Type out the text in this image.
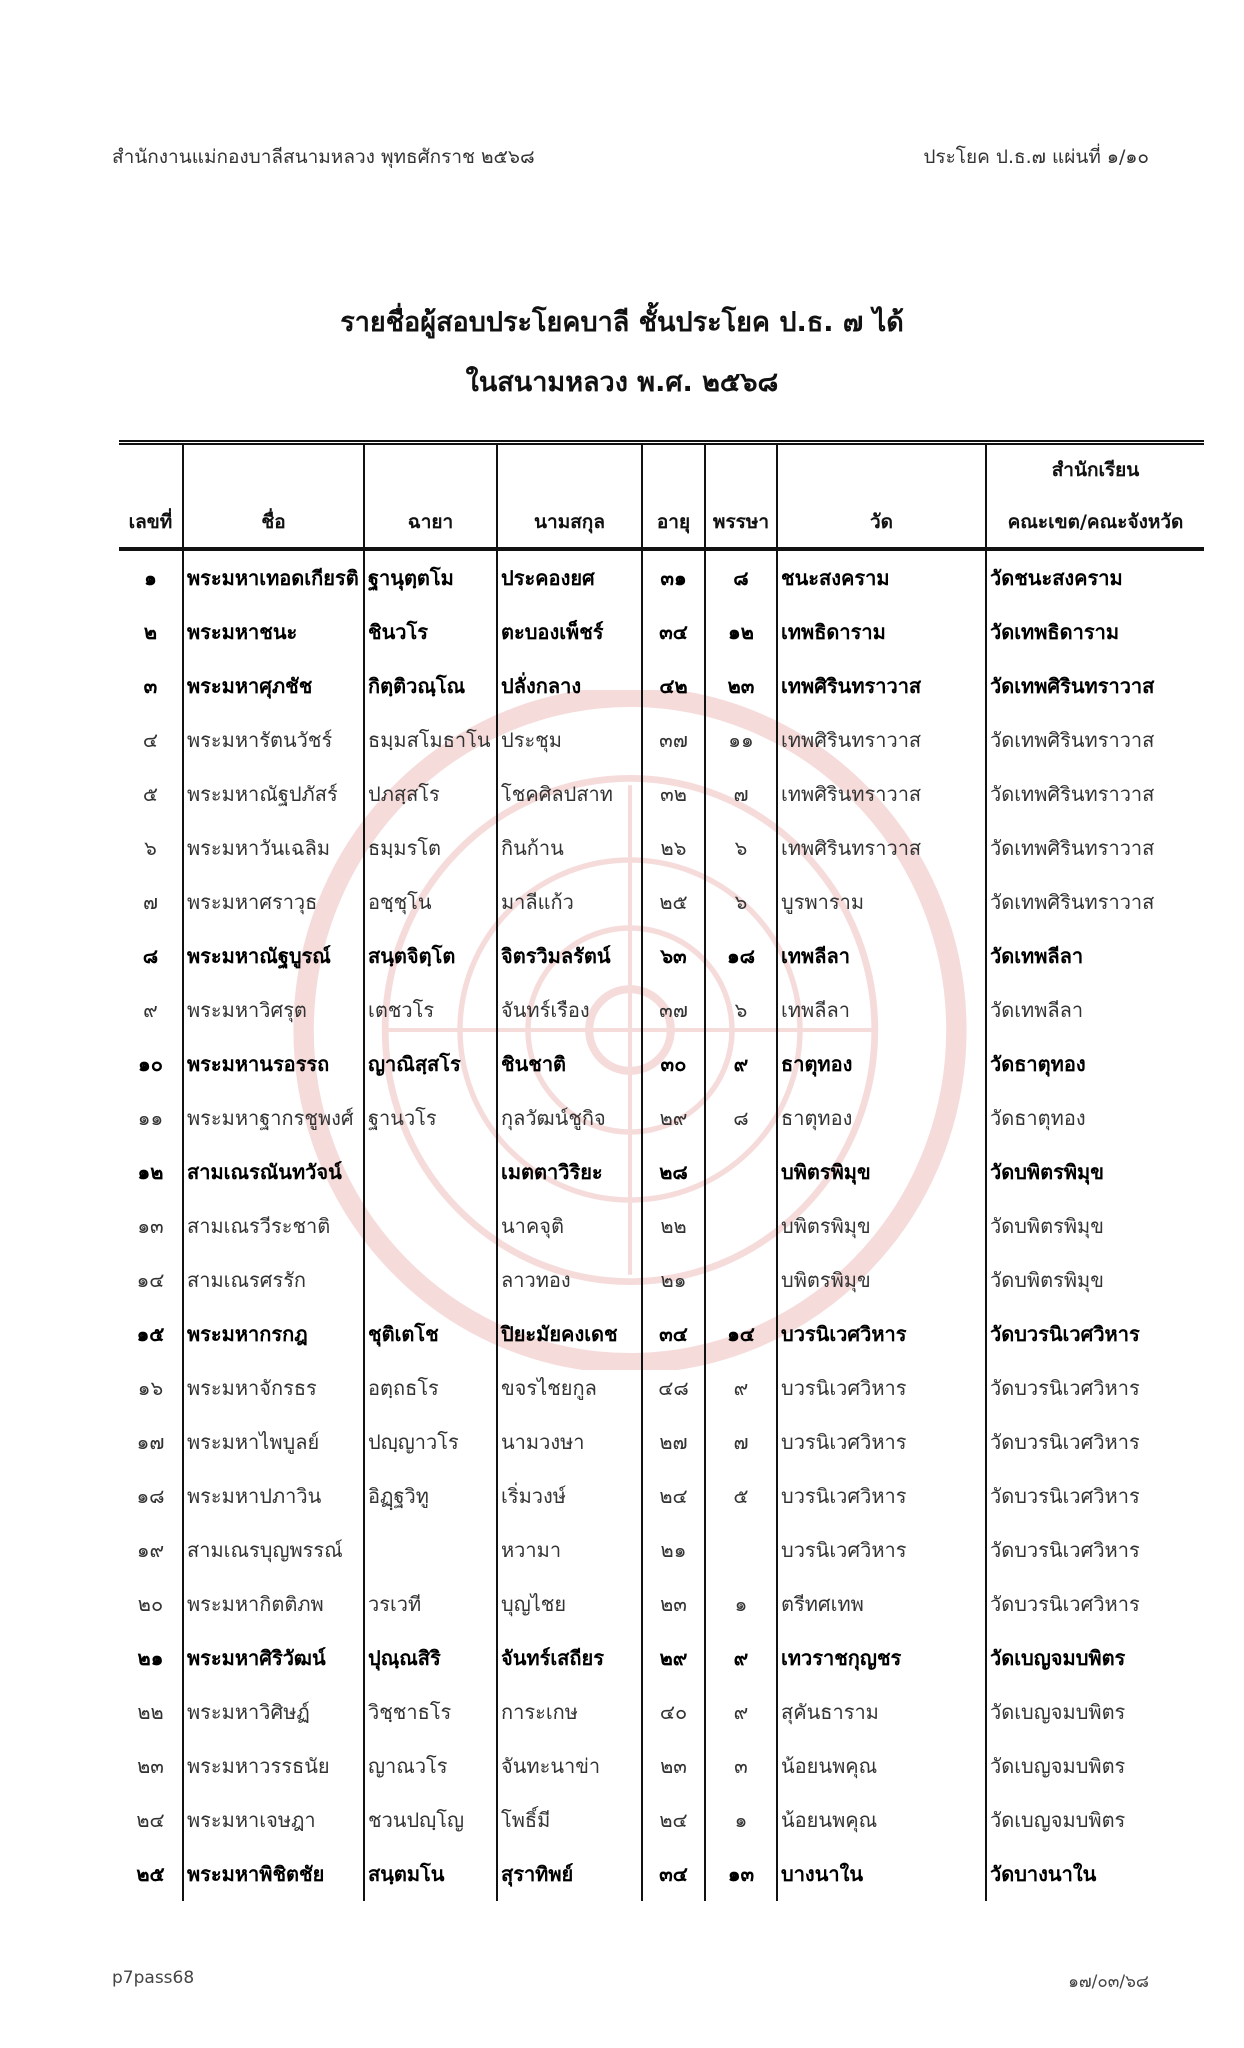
สำนักงานแม่กองบาลีสนามหลวง พุทธศักราช ๒๕๖๘	ประโยค ป.ธ.๗ แผ่นที่ ๑/๑๐
รายชื่อผู้สอบประโยคบาลี ชั้นประโยค ป.ธ. ๗ ได้
ในสนามหลวง พ.ศ. ๒๕๖๘
เลขที่	ชื่อ	ฉายา	นามสกุล	อายุ	พรรษา	วัด	สำนักเรียน
คณะเขต/คณะจังหวัด

๑	พระมหาเทอดเกียรติ	ฐานุตฺตโม	ประคองยศ	๓๑	๘	ชนะสงคราม	วัดชนะสงคราม
๒	พระมหาชนะ	ชินวโร	ตะบองเพ็ชร์	๓๔	๑๒	เทพธิดาราม	วัดเทพธิดาราม
๓	พระมหาศุภชัช	กิตฺติวณฺโณ	ปลั่งกลาง	๔๒	๒๓	เทพศิรินทราวาส	วัดเทพศิรินทราวาส
๔	พระมหารัตนวัชร์	ธมฺมสโมธาโน	ประชุม	๓๗	๑๑	เทพศิรินทราวาส	วัดเทพศิรินทราวาส
๕	พระมหาณัฐปภัสร์	ปภสฺสโร	โชคศิลปสาท	๓๒	๗	เทพศิรินทราวาส	วัดเทพศิรินทราวาส
๖	พระมหาวันเฉลิม	ธมฺมรโต	กินก้าน	๒๖	๖	เทพศิรินทราวาส	วัดเทพศิรินทราวาส
๗	พระมหาศราวุธ	อชฺชุโน	มาลีแก้ว	๒๕	๖	บูรพาราม	วัดเทพศิรินทราวาส
๘	พระมหาณัฐบูรณ์	สนฺตจิตฺโต	จิตรวิมลรัตน์	๖๓	๑๘	เทพลีลา	วัดเทพลีลา
๙	พระมหาวิศรุต	เตชวโร	จันทร์เรือง	๓๗	๖	เทพลีลา	วัดเทพลีลา
๑๐	พระมหานรอรรถ	ญาณิสฺสโร	ชินชาติ	๓๐	๙	ธาตุทอง	วัดธาตุทอง
๑๑	พระมหาฐากรชูพงศ์	ฐานวโร	กุลวัฒน์ชูกิจ	๒๙	๘	ธาตุทอง	วัดธาตุทอง
๑๒	สามเณรณันทวัจน์		เมตตาวิริยะ	๒๘		บพิตรพิมุข	วัดบพิตรพิมุข
๑๓	สามเณรวีระชาติ		นาคจุติ	๒๒		บพิตรพิมุข	วัดบพิตรพิมุข
๑๔	สามเณรศรรัก		ลาวทอง	๒๑		บพิตรพิมุข	วัดบพิตรพิมุข
๑๕	พระมหากรกฎ	ชุติเตโช	ปิยะมัยคงเดช	๓๔	๑๔	บวรนิเวศวิหาร	วัดบวรนิเวศวิหาร
๑๖	พระมหาจักรธร	อตฺถธโร	ขจรไชยกูล	๔๘	๙	บวรนิเวศวิหาร	วัดบวรนิเวศวิหาร
๑๗	พระมหาไพบูลย์	ปญฺญาวโร	นามวงษา	๒๗	๗	บวรนิเวศวิหาร	วัดบวรนิเวศวิหาร
๑๘	พระมหาปภาวิน	อิฏฺฐวิทู	เริ่มวงษ์	๒๔	๕	บวรนิเวศวิหาร	วัดบวรนิเวศวิหาร
๑๙	สามเณรบุญพรรณ์		หวามา	๒๑		บวรนิเวศวิหาร	วัดบวรนิเวศวิหาร
๒๐	พระมหากิตติภพ	วรเวที	บุญไชย	๒๓	๑	ตรีทศเทพ	วัดบวรนิเวศวิหาร
๒๑	พระมหาศิริวัฒน์	ปุณฺณสิริ	จันทร์เสถียร	๒๙	๙	เทวราชกุญชร	วัดเบญจมบพิตร
๒๒	พระมหาวิศิษฏ์	วิชฺชาธโร	การะเกษ	๔๐	๙	สุคันธาราม	วัดเบญจมบพิตร
๒๓	พระมหาวรรธนัย	ญาณวโร	จันทะนาข่า	๒๓	๓	น้อยนพคุณ	วัดเบญจมบพิตร
๒๔	พระมหาเจษฎา	ชวนปญฺโญ	โพธิ์มี	๒๔	๑	น้อยนพคุณ	วัดเบญจมบพิตร
๒๕	พระมหาพิชิตชัย	สนฺตมโน	สุราทิพย์	๓๔	๑๓	บางนาใน	วัดบางนาใน
p7pass68	๑๗/๐๓/๖๘
